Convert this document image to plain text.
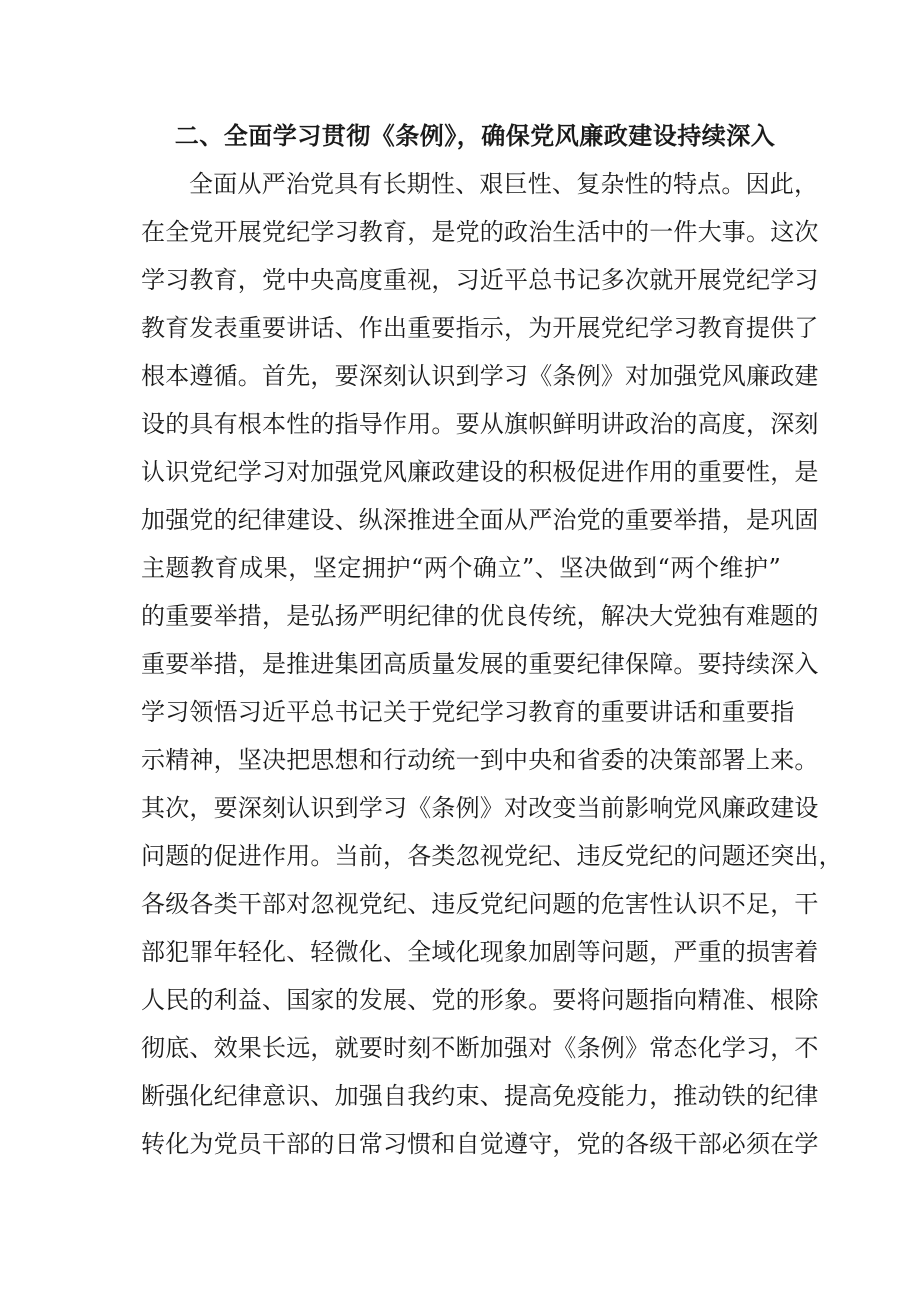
二、全面学习贯彻《条例》，确保党风廉政建设持续深入
全面从严治党具有长期性、艰巨性、复杂性的特点。因此，
在全党开展党纪学习教育，是党的政治生活中的一件大事。这次
学习教育，党中央高度重视，习近平总书记多次就开展党纪学习
教育发表重要讲话、作出重要指示，为开展党纪学习教育提供了
根本遵循。首先，要深刻认识到学习《条例》对加强党风廉政建
设的具有根本性的指导作用。要从旗帜鲜明讲政治的高度，深刻
认识党纪学习对加强党风廉政建设的积极促进作用的重要性，是
加强党的纪律建设、纵深推进全面从严治党的重要举措，是巩固
主题教育成果，坚定拥护“两个确立”、坚决做到“两个维护”
的重要举措，是弘扬严明纪律的优良传统，解决大党独有难题的
重要举措，是推进集团高质量发展的重要纪律保障。要持续深入
学习领悟习近平总书记关于党纪学习教育的重要讲话和重要指
示精神，坚决把思想和行动统一到中央和省委的决策部署上来。
其次，要深刻认识到学习《条例》对改变当前影响党风廉政建设
问题的促进作用。当前，各类忽视党纪、违反党纪的问题还突出，
各级各类干部对忽视党纪、违反党纪问题的危害性认识不足，干
部犯罪年轻化、轻微化、全域化现象加剧等问题，严重的损害着
人民的利益、国家的发展、党的形象。要将问题指向精准、根除
彻底、效果长远，就要时刻不断加强对《条例》常态化学习，不
断强化纪律意识、加强自我约束、提高免疫能力，推动铁的纪律
转化为党员干部的日常习惯和自觉遵守，党的各级干部必须在学
